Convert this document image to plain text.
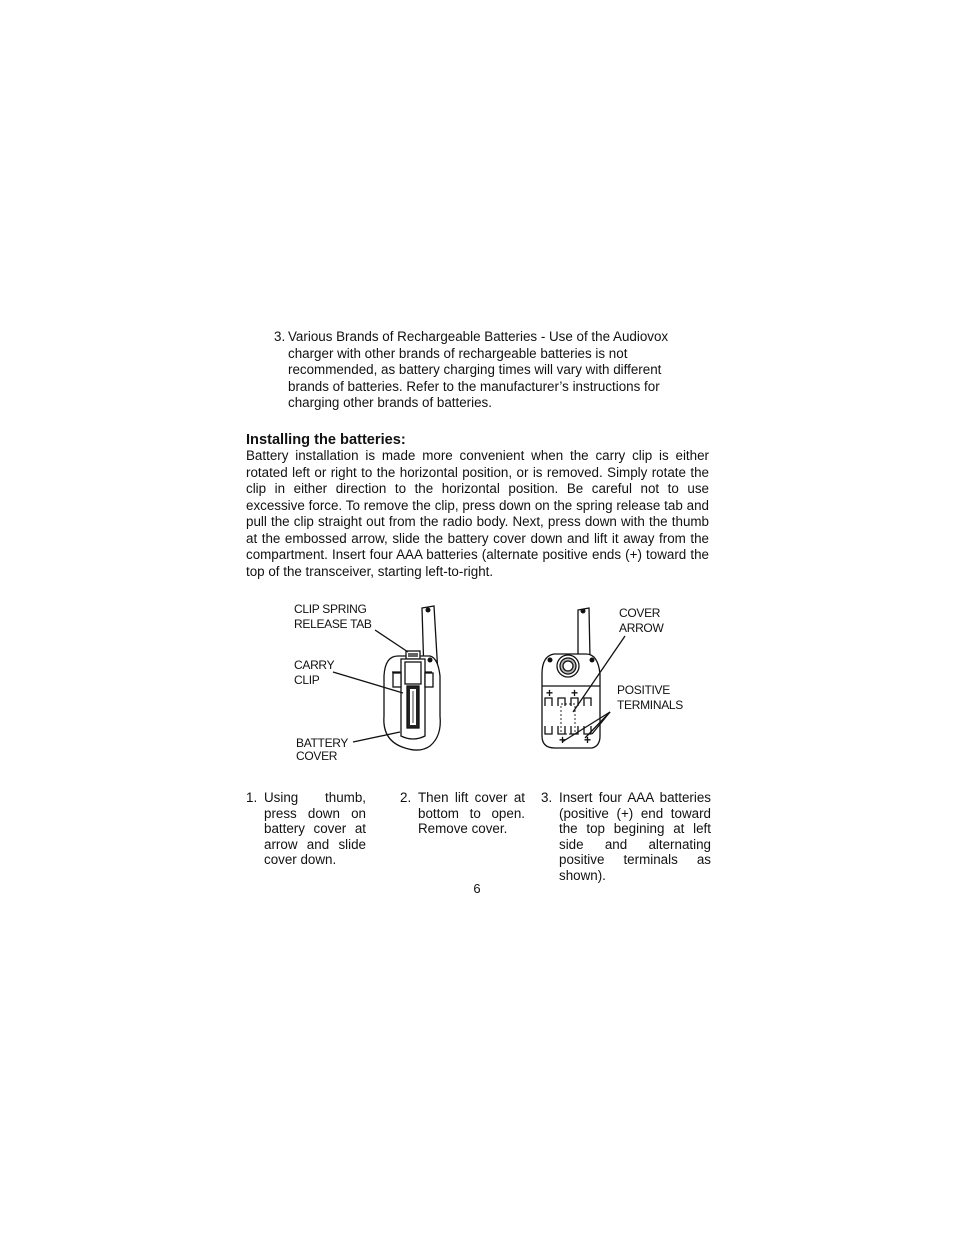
3. Various Brands of Rechargeable Batteries - Use of the Audiovox
charger with other brands of rechargeable batteries is not
recommended, as battery charging times will vary with different
brands of batteries. Refer to the manufacturer’s instructions for
charging other brands of batteries.
Installing the batteries:

Battery installation is made more convenient when the carry clip is either rotated left or right to the horizontal position, or is removed. Simply rotate the clip in either direction to the horizontal position. Be careful not to use excessive force. To remove the clip, press down on the spring release tab and pull the clip straight out from the radio body. Next, press down with the thumb at the embossed arrow, slide the battery cover down and lift it away from the compartment. Insert four AAA batteries (alternate positive ends (+) toward the top of the transceiver, starting left-to-right.

+ +
+ +
CLIP SPRING
RELEASE TAB
CARRY
CLIP
BATTERY
COVER
COVER
ARROW
POSITIVE
TERMINALS
1. Using thumb, press down on battery cover at arrow and slide cover down.
2. Then lift cover at bottom to open. Remove cover.
3. Insert four AAA batteries (positive (+) end toward the top begining at left side and alternating positive terminals as shown).
6
